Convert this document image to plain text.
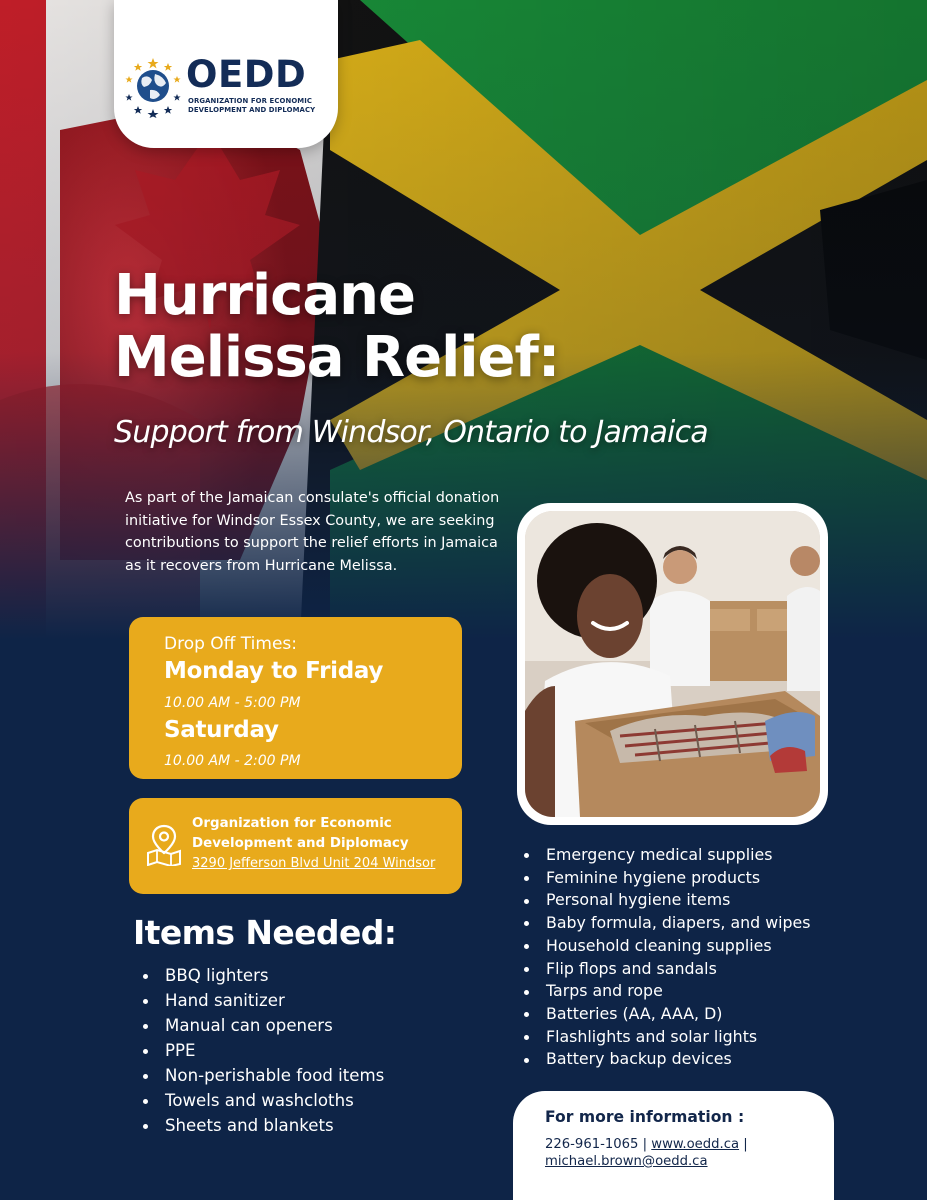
OEDD
ORGANIZATION FOR ECONOMIC DEVELOPMENT AND DIPLOMACY
Hurricane
Melissa Relief:

Support from Windsor, Ontario to Jamaica

As part of the Jamaican consulate's official donation initiative for Windsor Essex County, we are seeking contributions to support the relief efforts in Jamaica as it recovers from Hurricane Melissa.

Drop Off Times:
Monday to Friday
10.00 AM - 5:00 PM
Saturday
10.00 AM - 2:00 PM
Organization for Economic Development and Diplomacy
3290 Jefferson Blvd Unit 204 Windsor
Items Needed:
BBQ lighters
Hand sanitizer
Manual can openers
PPE
Non-perishable food items
Towels and washcloths
Sheets and blankets
Emergency medical supplies
Feminine hygiene products
Personal hygiene items
Baby formula, diapers, and wipes
Household cleaning supplies
Flip flops and sandals
Tarps and rope
Batteries (AA, AAA, D)
Flashlights and solar lights
Battery backup devices
For more information :
226-961-1065 | www.oedd.ca |
michael.brown@oedd.ca
